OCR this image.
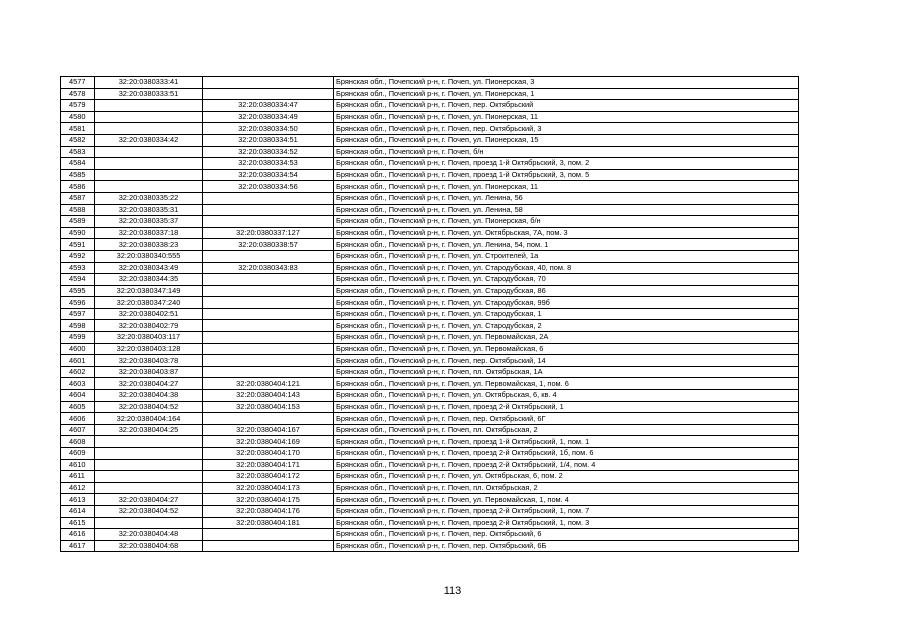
4577	32:20:0380333:41		Брянская обл., Почепский р-н, г. Почеп, ул. Пионерская, 3
4578	32:20:0380333:51		Брянская обл., Почепский р-н, г. Почеп, ул. Пионерская, 1
4579		32:20:0380334:47	Брянская обл., Почепский р-н, г. Почеп, пер. Октябрьский
4580		32:20:0380334:49	Брянская обл., Почепский р-н, г. Почеп, ул. Пионерская, 11
4581		32:20:0380334:50	Брянская обл., Почепский р-н, г. Почеп, пер. Октябрьский, 3
4582	32:20:0380334:42	32:20:0380334:51	Брянская обл., Почепский р-н, г. Почеп, ул. Пионерская, 15
4583		32:20:0380334:52	Брянская обл., Почепский р-н, г. Почеп, б/н
4584		32:20:0380334:53	Брянская обл., Почепский р-н, г. Почеп, проезд 1-й Октябрьский, 3, пом. 2
4585		32:20:0380334:54	Брянская обл., Почепский р-н, г. Почеп, проезд 1-й Октябрьский, 3, пом. 5
4586		32:20:0380334:56	Брянская обл., Почепский р-н, г. Почеп, ул. Пионерская, 11
4587	32:20:0380335:22		Брянская обл., Почепский р-н, г. Почеп, ул. Ленина, 56
4588	32:20:0380335:31		Брянская обл., Почепский р-н, г. Почеп, ул. Ленина, 58
4589	32:20:0380335:37		Брянская обл., Почепский р-н, г. Почеп, ул. Пионерская, б/н
4590	32:20:0380337:18	32:20:0380337:127	Брянская обл., Почепский р-н, г. Почеп, ул. Октябрьская, 7А, пом. 3
4591	32:20:0380338:23	32:20:0380338:57	Брянская обл., Почепский р-н, г. Почеп, ул. Ленина, 54, пом. 1
4592	32:20:0380340:555		Брянская обл., Почепский р-н, г. Почеп, ул. Строителей, 1а
4593	32:20:0380343:49	32:20:0380343:83	Брянская обл., Почепский р-н, г. Почеп, ул. Стародубская, 40, пом. 8
4594	32:20:0380344:35		Брянская обл., Почепский р-н, г. Почеп, ул. Стародубская, 70
4595	32:20:0380347:149		Брянская обл., Почепский р-н, г. Почеп, ул. Стародубская, 86
4596	32:20:0380347:240		Брянская обл., Почепский р-н, г. Почеп, ул. Стародубская, 99б
4597	32:20:0380402:51		Брянская обл., Почепский р-н, г. Почеп, ул. Стародубская, 1
4598	32:20:0380402:79		Брянская обл., Почепский р-н, г. Почеп, ул. Стародубская, 2
4599	32:20:0380403:117		Брянская обл., Почепский р-н, г. Почеп, ул. Первомайская, 2А
4600	32:20:0380403:128		Брянская обл., Почепский р-н, г. Почеп, ул. Первомайская, 6
4601	32:20:0380403:78		Брянская обл., Почепский р-н, г. Почеп, пер. Октябрьский, 14
4602	32:20:0380403:87		Брянская обл., Почепский р-н, г. Почеп, пл. Октябрьская, 1А
4603	32:20:0380404:27	32:20:0380404:121	Брянская обл., Почепский р-н, г. Почеп, ул. Первомайская, 1, пом. 6
4604	32:20:0380404:38	32:20:0380404:143	Брянская обл., Почепский р-н, г. Почеп, ул. Октябрьская, 6, кв. 4
4605	32:20:0380404:52	32:20:0380404:153	Брянская обл., Почепский р-н, г. Почеп, проезд 2-й Октябрьский, 1
4606	32:20:0380404:164		Брянская обл., Почепский р-н, г. Почеп, пер. Октябрьский, 6Г
4607	32:20:0380404:25	32:20:0380404:167	Брянская обл., Почепский р-н, г. Почеп, пл. Октябрьская, 2
4608		32:20:0380404:169	Брянская обл., Почепский р-н, г. Почеп, проезд 1-й Октябрьский, 1, пом. 1
4609		32:20:0380404:170	Брянская обл., Почепский р-н, г. Почеп, проезд 2-й Октябрьский, 1б, пом. 6
4610		32:20:0380404:171	Брянская обл., Почепский р-н, г. Почеп, проезд 2-й Октябрьский, 1/4, пом. 4
4611		32:20:0380404:172	Брянская обл., Почепский р-н, г. Почеп, ул. Октябрьская, 6, пом. 2
4612		32:20:0380404:173	Брянская обл., Почепский р-н, г. Почеп, пл. Октябрьская, 2
4613	32:20:0380404:27	32:20:0380404:175	Брянская обл., Почепский р-н, г. Почеп, ул. Первомайская, 1, пом. 4
4614	32:20:0380404:52	32:20:0380404:176	Брянская обл., Почепский р-н, г. Почеп, проезд 2-й Октябрьский, 1, пом. 7
4615		32:20:0380404:181	Брянская обл., Почепский р-н, г. Почеп, проезд 2-й Октябрьский, 1, пом. 3
4616	32:20:0380404:48		Брянская обл., Почепский р-н, г. Почеп, пер. Октябрьский, 6
4617	32:20:0380404:68		Брянская обл., Почепский р-н, г. Почеп, пер. Октябрьский, 6Б
113
